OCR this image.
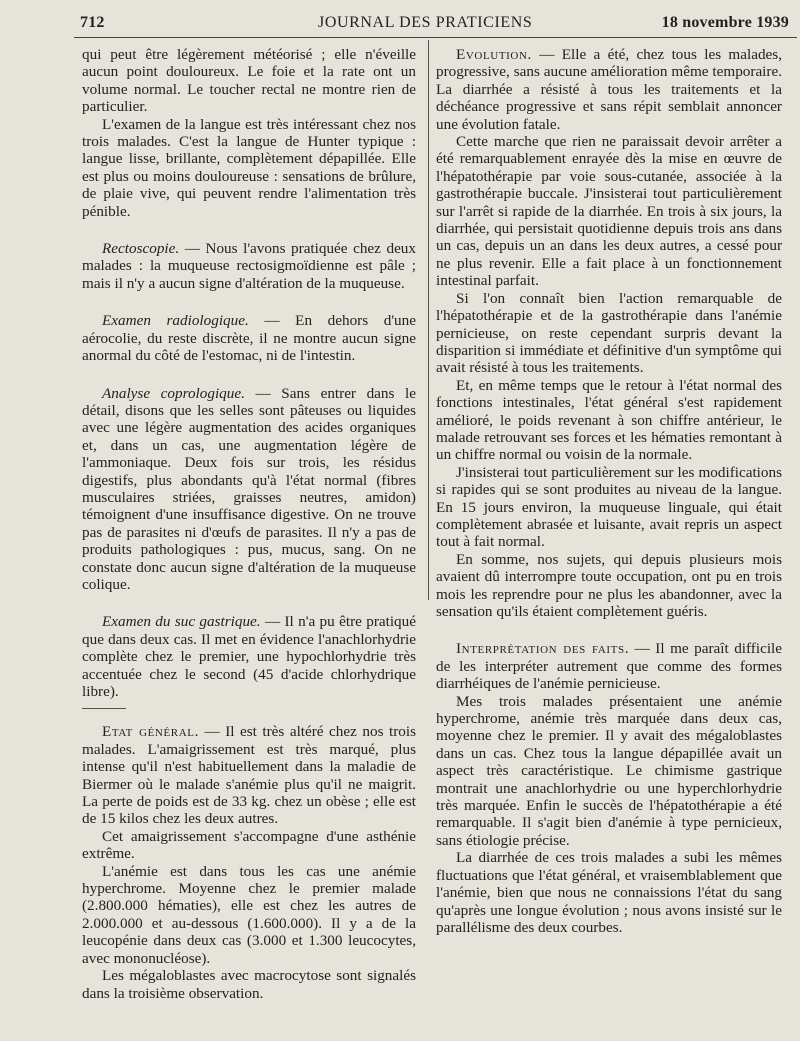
712	JOURNAL DES PRATICIENS	18 novembre 1939

qui peut être légèrement météorisé ; elle n'éveille aucun point douloureux. Le foie et la rate ont un volume normal. Le toucher rectal ne montre rien de particulier.

L'examen de la langue est très intéressant chez nos trois malades. C'est la langue de Hunter typique : langue lisse, brillante, complètement dépapillée. Elle est plus ou moins douloureuse : sensations de brûlure, de plaie vive, qui peuvent rendre l'alimentation très pénible.

Rectoscopie. — Nous l'avons pratiquée chez deux malades : la muqueuse rectosigmoïdienne est pâle ; mais il n'y a aucun signe d'altération de la muqueuse.

Examen radiologique. — En dehors d'une aérocolie, du reste discrète, il ne montre aucun signe anormal du côté de l'estomac, ni de l'intestin.

Analyse coprologique. — Sans entrer dans le détail, disons que les selles sont pâteuses ou liquides avec une légère augmentation des acides organiques et, dans un cas, une augmentation légère de l'ammoniaque. Deux fois sur trois, les résidus digestifs, plus abondants qu'à l'état normal (fibres musculaires striées, graisses neutres, amidon) témoignent d'une insuffisance digestive. On ne trouve pas de parasites ni d'œufs de parasites. Il n'y a pas de produits pathologiques : pus, mucus, sang. On ne constate donc aucun signe d'altération de la muqueuse colique.

Examen du suc gastrique. — Il n'a pu être pratiqué que dans deux cas. Il met en évidence l'anachlorhydrie complète chez le premier, une hypochlorhydrie très accentuée chez le second (45 d'acide chlorhydrique libre).

Etat général. — Il est très altéré chez nos trois malades. L'amaigrissement est très marqué, plus intense qu'il n'est habituellement dans la maladie de Biermer où le malade s'anémie plus qu'il ne maigrit. La perte de poids est de 33 kg. chez un obèse ; elle est de 15 kilos chez les deux autres.

Cet amaigrissement s'accompagne d'une asthénie extrême.

L'anémie est dans tous les cas une anémie hyperchrome. Moyenne chez le premier malade (2.800.000 hématies), elle est chez les autres de 2.000.000 et au-dessous (1.600.000). Il y a de la leucopénie dans deux cas (3.000 et 1.300 leucocytes, avec mononucléose).

Les mégaloblastes avec macrocytose sont signalés dans la troisième observation.

Evolution. — Elle a été, chez tous les malades, progressive, sans aucune amélioration même temporaire. La diarrhée a résisté à tous les traitements et la déchéance progressive et sans répit semblait annoncer une évolution fatale.

Cette marche que rien ne paraissait devoir arrêter a été remarquablement enrayée dès la mise en œuvre de l'hépatothérapie par voie sous-cutanée, associée à la gastrothérapie buccale. J'insisterai tout particulièrement sur l'arrêt si rapide de la diarrhée. En trois à six jours, la diarrhée, qui persistait quotidienne depuis trois ans dans un cas, depuis un an dans les deux autres, a cessé pour ne plus revenir. Elle a fait place à un fonctionnement intestinal parfait.

Si l'on connaît bien l'action remarquable de l'hépatothérapie et de la gastrothérapie dans l'anémie pernicieuse, on reste cependant surpris devant la disparition si immédiate et définitive d'un symptôme qui avait résisté à tous les traitements.

Et, en même temps que le retour à l'état normal des fonctions intestinales, l'état général s'est rapidement amélioré, le poids revenant à son chiffre antérieur, le malade retrouvant ses forces et les hématies remontant à un chiffre normal ou voisin de la normale.

J'insisterai tout particulièrement sur les modifications si rapides qui se sont produites au niveau de la langue. En 15 jours environ, la muqueuse linguale, qui était complètement abrasée et luisante, avait repris un aspect tout à fait normal.

En somme, nos sujets, qui depuis plusieurs mois avaient dû interrompre toute occupation, ont pu en trois mois les reprendre pour ne plus les abandonner, avec la sensation qu'ils étaient complètement guéris.

Interprétation des faits. — Il me paraît difficile de les interpréter autrement que comme des formes diarrhéiques de l'anémie pernicieuse.

Mes trois malades présentaient une anémie hyperchrome, anémie très marquée dans deux cas, moyenne chez le premier. Il y avait des mégaloblastes dans un cas. Chez tous la langue dépapillée avait un aspect très caractéristique. Le chimisme gastrique montrait une anachlorhydrie ou une hyperchlorhydrie très marquée. Enfin le succès de l'hépatothérapie a été remarquable. Il s'agit bien d'anémie à type pernicieux, sans étiologie précise.

La diarrhée de ces trois malades a subi les mêmes fluctuations que l'état général, et vraisemblablement que l'anémie, bien que nous ne connaissions l'état du sang qu'après une longue évolution ; nous avons insisté sur le parallélisme des deux courbes.
